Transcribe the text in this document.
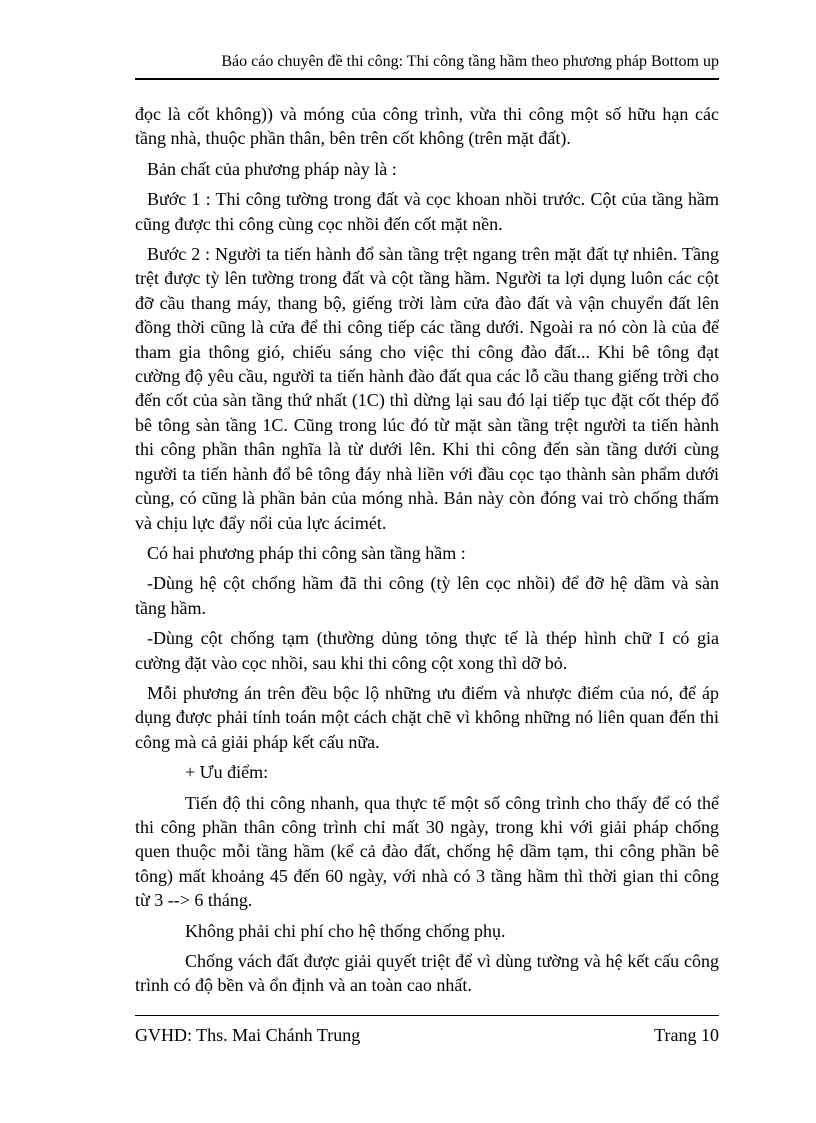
Báo cáo chuyên đề thi công: Thi công tầng hầm theo phương pháp Bottom up

đọc là cốt không)) và móng của công trình, vừa thi công một số hữu hạn các tầng nhà, thuộc phần thân, bên trên cốt không (trên mặt đất).

Bản chất của phương pháp này là :

Bước 1 : Thi công tường trong đất và cọc khoan nhồi trước. Cột của tầng hầm cũng được thi công cùng cọc nhồi đến cốt mặt nền.

Bước 2 : Người ta tiến hành đổ sàn tầng trệt ngang trên mặt đất tự nhiên. Tầng trệt được tỳ lên tường trong đất và cột tầng hầm. Người ta lợi dụng luôn các cột đỡ cầu thang máy, thang bộ, giếng trời làm cửa đào đất và vận chuyển đất lên đồng thời cũng là cửa để thi công tiếp các tầng dưới. Ngoài ra nó còn là của để tham gia thông gió, chiếu sáng cho việc thi công đào đất... Khi bê tông đạt cường độ yêu cầu, người ta tiến hành đào đất qua các lỗ cầu thang giếng trời cho đến cốt của sàn tầng thứ nhất (1C) thì dừng lại sau đó lại tiếp tục đặt cốt thép đổ bê tông sàn tầng 1C. Cũng trong lúc đó từ mặt sàn tầng trệt người ta tiến hành thi công phần thân nghĩa là từ dưới lên. Khi thi công đến sàn tầng dưới cùng người ta tiến hành đổ bê tông đáy nhà liền với đầu cọc tạo thành sàn phẩm dưới cùng, có cũng là phần bản của móng nhà. Bản này còn đóng vai trò chống thấm và chịu lực đẩy nổi của lực ácimét.

Có hai phương pháp thi công sàn tầng hầm :

-Dùng hệ cột chống hầm đã thi công (tỳ lên cọc nhồi) để đỡ hệ dầm và sàn tầng hầm.

-Dùng cột chống tạm (thường dủng tỏng thực tế là thép hình chữ I có gia cường đặt vào cọc nhồi, sau khi thi công cột xong thì dỡ bỏ.

Mỗi phương án trên đều bộc lộ những ưu điểm và nhược điểm của nó, để áp dụng được phải tính toán một cách chặt chẽ vì không những nó liên quan đến thi công mà cả giải pháp kết cấu nữa.

+ Ưu điểm:

Tiến độ thi công nhanh, qua thực tế một số công trình cho thấy để có thể thi công phần thân công trình chỉ mất 30 ngày, trong khi với giải pháp chống quen thuộc mỗi tầng hầm (kể cả đào đất, chống hệ dầm tạm, thi công phần bê tông) mất khoảng 45 đến 60 ngày, với nhà có 3 tầng hầm thì thời gian thi công từ 3 --> 6 tháng.

Không phải chi phí cho hệ thống chống phụ.

Chống vách đất được giải quyết triệt để vì dùng tường và hệ kết cấu công trình có độ bền và ổn định và an toàn cao nhất.

GVHD: Ths. Mai Chánh Trung	Trang 10
